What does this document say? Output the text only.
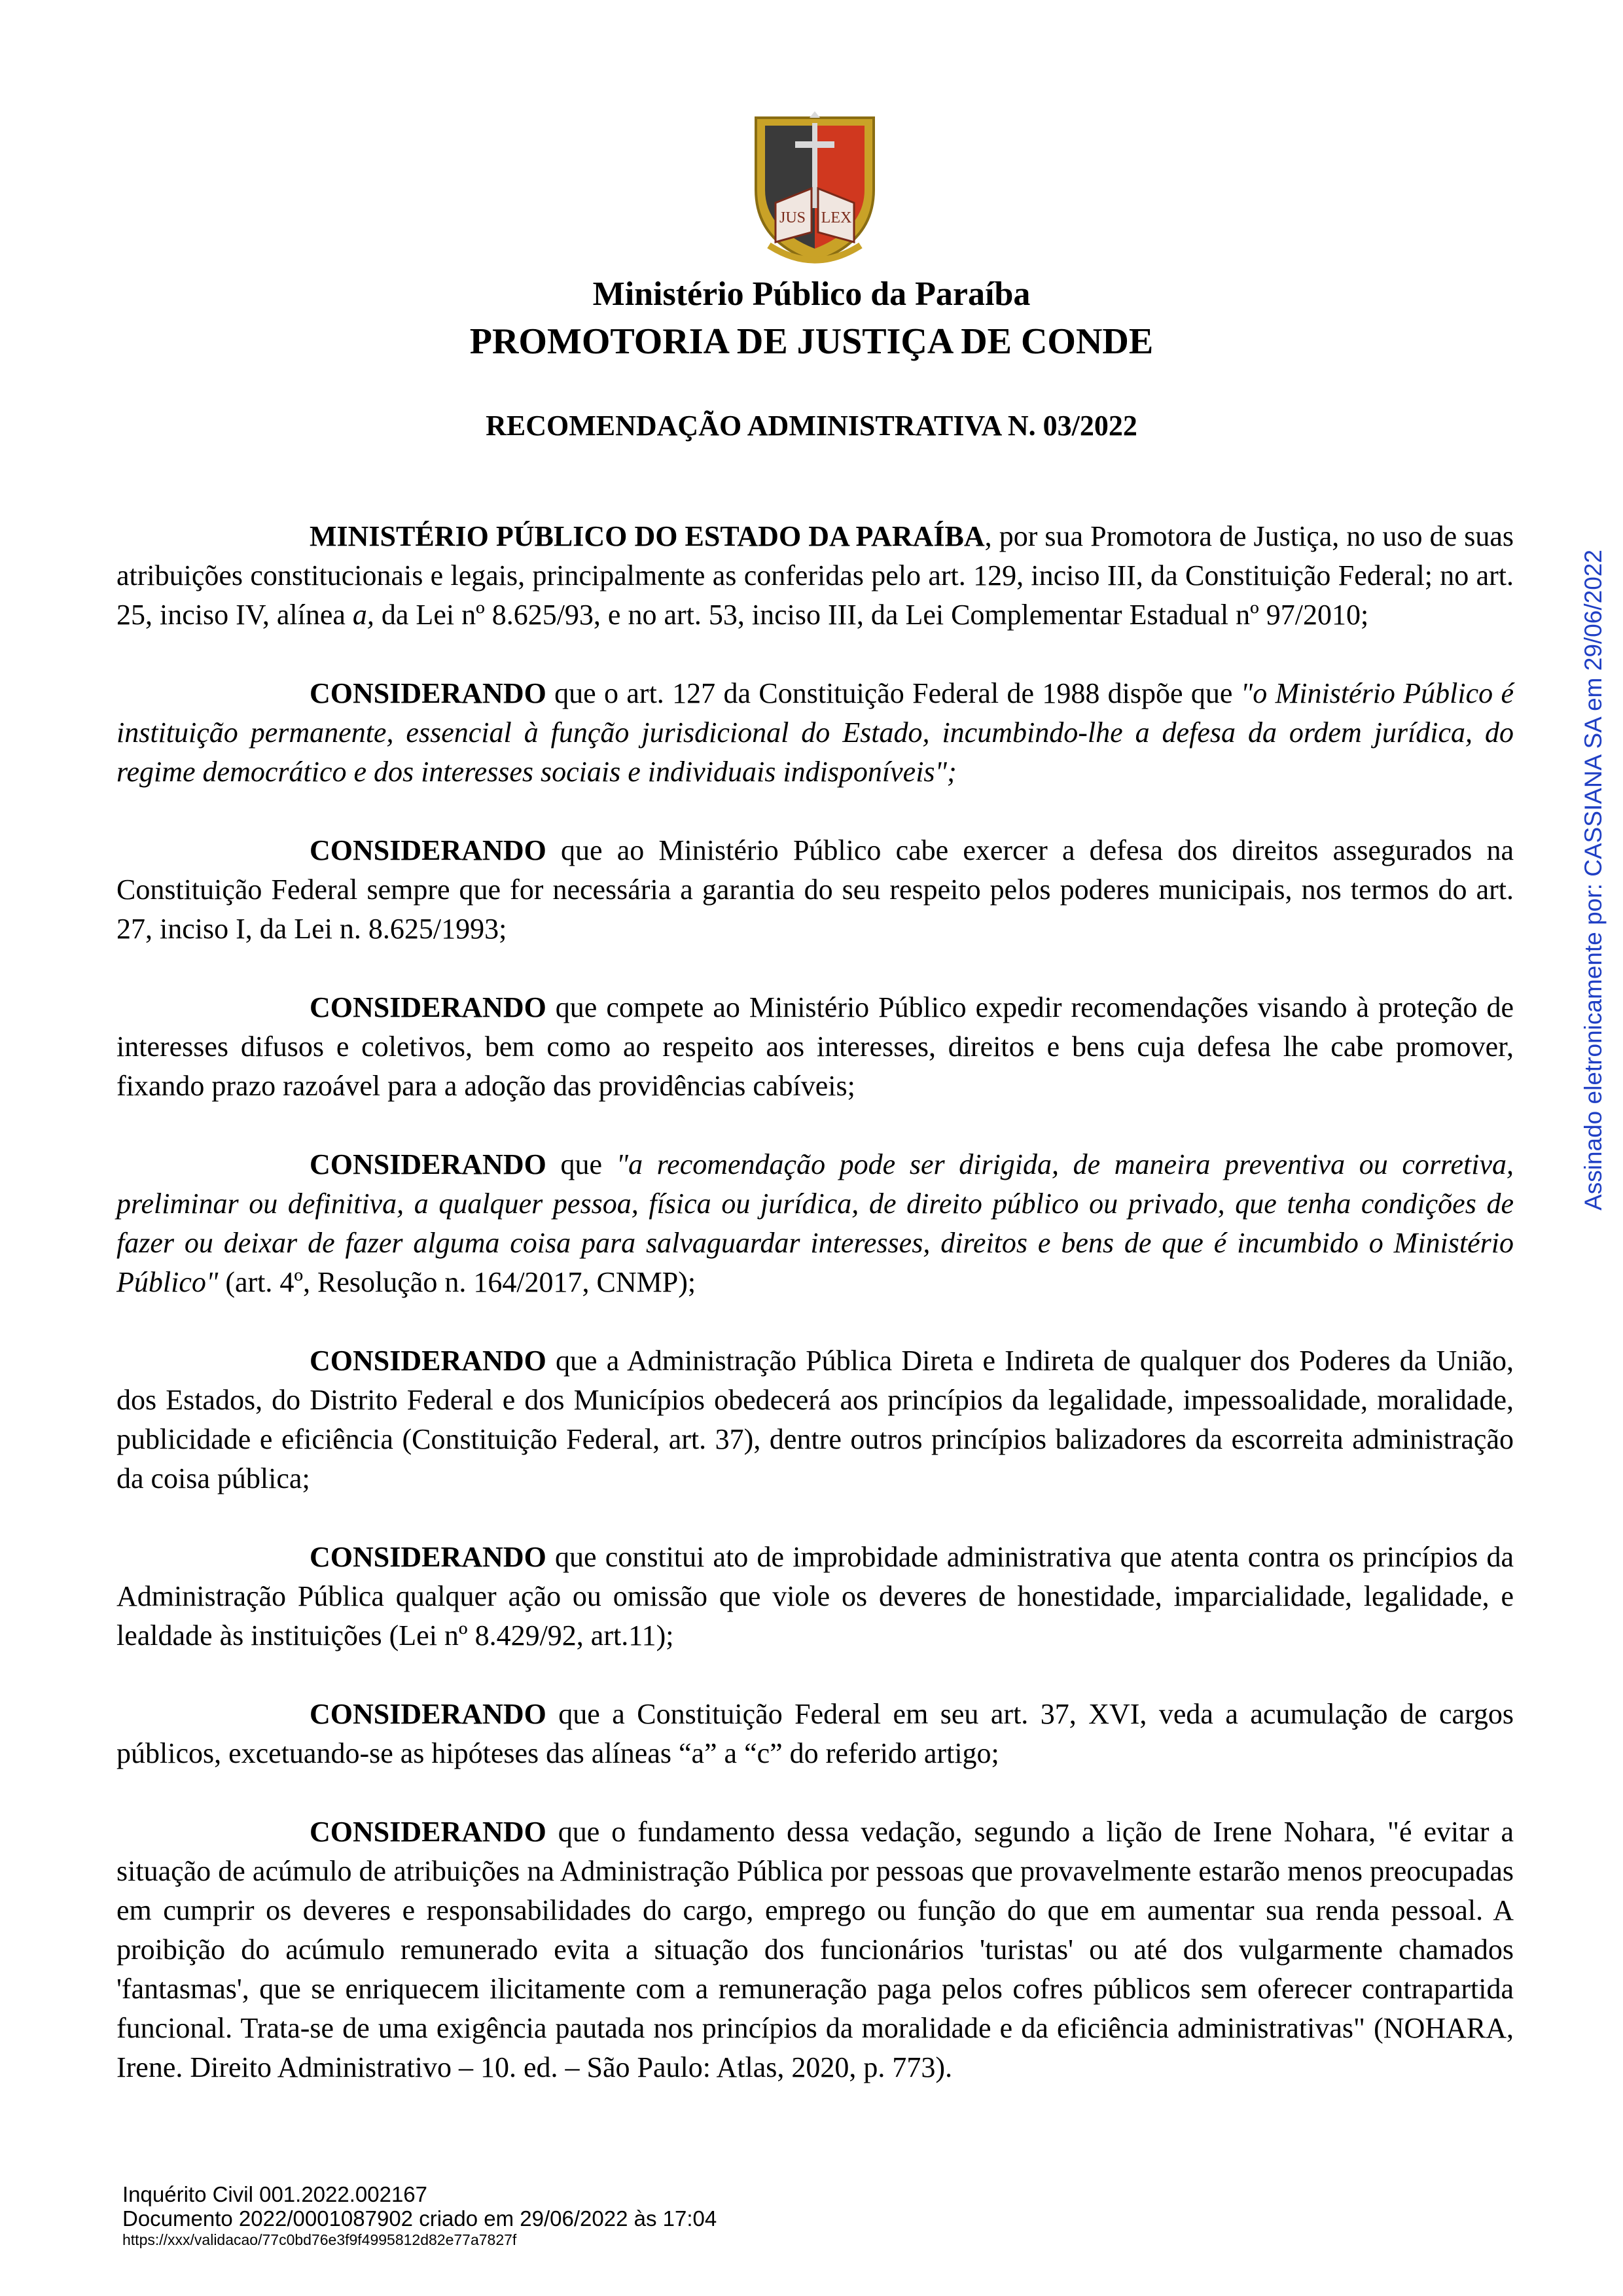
JUS LEX
Ministério Público da Paraíba
PROMOTORIA DE JUSTIÇA DE CONDE
RECOMENDAÇÃO ADMINISTRATIVA N. 03/2022

MINISTÉRIO PÚBLICO DO ESTADO DA PARAÍBA, por sua Promotora de Justiça, no uso de suas atribuições constitucionais e legais, principalmente as conferidas pelo art. 129, inciso III, da Constituição Federal; no art. 25, inciso IV, alínea a, da Lei nº 8.625/93, e no art. 53, inciso III, da Lei Complementar Estadual nº 97/2010;

CONSIDERANDO que o art. 127 da Constituição Federal de 1988 dispõe que "o Ministério Público é instituição permanente, essencial à função jurisdicional do Estado, incumbindo-lhe a defesa da ordem jurídica, do regime democrático e dos interesses sociais e individuais indisponíveis";

CONSIDERANDO que ao Ministério Público cabe exercer a defesa dos direitos assegurados na Constituição Federal sempre que for necessária a garantia do seu respeito pelos poderes municipais, nos termos do art. 27, inciso I, da Lei n. 8.625/1993;

CONSIDERANDO que compete ao Ministério Público expedir recomendações visando à proteção de interesses difusos e coletivos, bem como ao respeito aos interesses, direitos e bens cuja defesa lhe cabe promover, fixando prazo razoável para a adoção das providências cabíveis;

CONSIDERANDO que "a recomendação pode ser dirigida, de maneira preventiva ou corretiva, preliminar ou definitiva, a qualquer pessoa, física ou jurídica, de direito público ou privado, que tenha condições de fazer ou deixar de fazer alguma coisa para salvaguardar interesses, direitos e bens de que é incumbido o Ministério Público" (art. 4º, Resolução n. 164/2017, CNMP);

CONSIDERANDO que a Administração Pública Direta e Indireta de qualquer dos Poderes da União, dos Estados, do Distrito Federal e dos Municípios obedecerá aos princípios da legalidade, impessoalidade, moralidade, publicidade e eficiência (Constituição Federal, art. 37), dentre outros princípios balizadores da escorreita administração da coisa pública;

CONSIDERANDO que constitui ato de improbidade administrativa que atenta contra os princípios da Administração Pública qualquer ação ou omissão que viole os deveres de honestidade, imparcialidade, legalidade, e lealdade às instituições (Lei nº 8.429/92, art.11);

CONSIDERANDO que a Constituição Federal em seu art. 37, XVI, veda a acumulação de cargos públicos, excetuando-se as hipóteses das alíneas “a” a “c” do referido artigo;

CONSIDERANDO que o fundamento dessa vedação, segundo a lição de Irene Nohara, "é evitar a situação de acúmulo de atribuições na Administração Pública por pessoas que provavelmente estarão menos preocupadas em cumprir os deveres e responsabilidades do cargo, emprego ou função do que em aumentar sua renda pessoal. A proibição do acúmulo remunerado evita a situação dos funcionários 'turistas' ou até dos vulgarmente chamados 'fantasmas', que se enriquecem ilicitamente com a remuneração paga pelos cofres públicos sem oferecer contrapartida funcional. Trata-se de uma exigência pautada nos princípios da moralidade e da eficiência administrativas" (NOHARA, Irene. Direito Administrativo – 10. ed. – São Paulo: Atlas, 2020, p. 773).

Assinado eletronicamente por: CASSIANA SA em 29/06/2022
Inquérito Civil 001.2022.002167
Documento 2022/0001087902 criado em 29/06/2022 às 17:04
https://xxx/validacao/77c0bd76e3f9f4995812d82e77a7827f
